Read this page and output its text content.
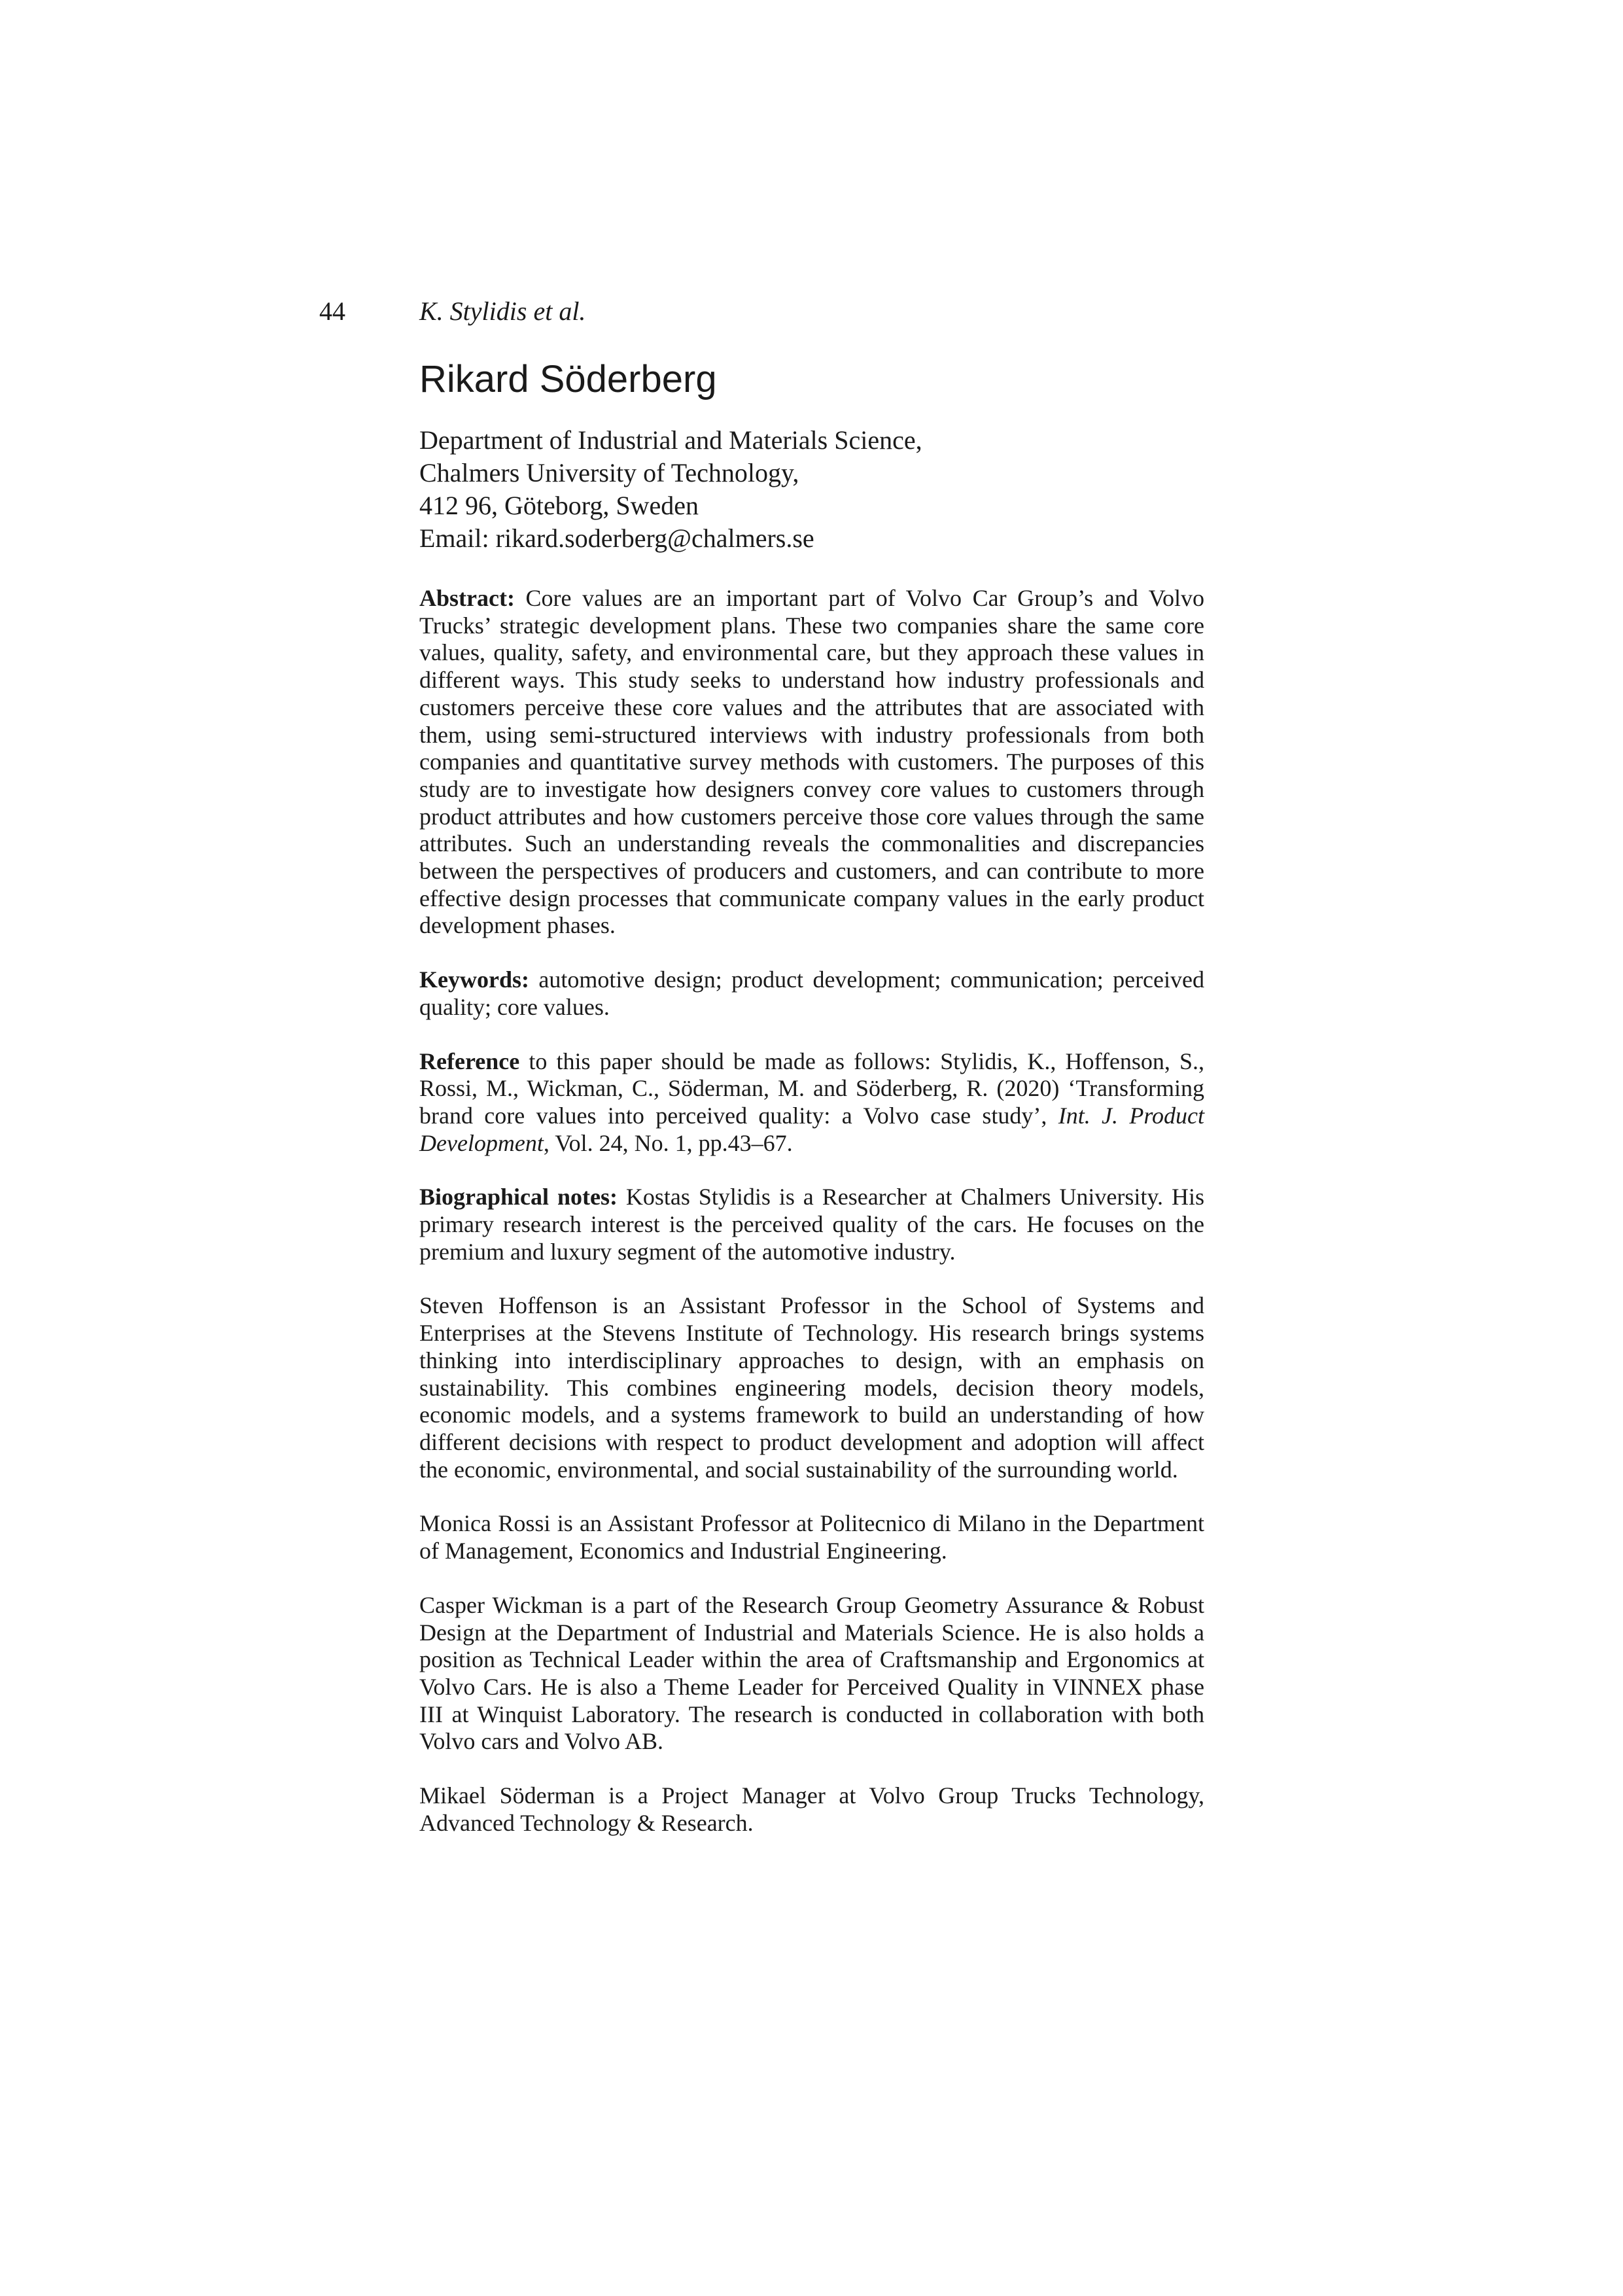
44	K. Stylidis et al.
Rikard Söderberg
Department of Industrial and Materials Science,
Chalmers University of Technology,
412 96, Göteborg, Sweden
Email: rikard.soderberg@chalmers.se

Abstract: Core values are an important part of Volvo Car Group’s and Volvo Trucks’ strategic development plans. These two companies share the same core values, quality, safety, and environmental care, but they approach these values in different ways. This study seeks to understand how industry professionals and customers perceive these core values and the attributes that are associated with them, using semi-structured interviews with industry professionals from both companies and quantitative survey methods with customers. The purposes of this study are to investigate how designers convey core values to customers through product attributes and how customers perceive those core values through the same attributes. Such an understanding reveals the commonalities and discrepancies between the perspectives of producers and customers, and can contribute to more effective design processes that communicate company values in the early product development phases.

Keywords: automotive design; product development; communication; perceived quality; core values.

Reference to this paper should be made as follows: Stylidis, K., Hoffenson, S., Rossi, M., Wickman, C., Söderman, M. and Söderberg, R. (2020) ‘Transforming brand core values into perceived quality: a Volvo case study’, Int. J. Product Development, Vol. 24, No. 1, pp.43–67.

Biographical notes: Kostas Stylidis is a Researcher at Chalmers University. His primary research interest is the perceived quality of the cars. He focuses on the premium and luxury segment of the automotive industry.

Steven Hoffenson is an Assistant Professor in the School of Systems and Enterprises at the Stevens Institute of Technology. His research brings systems thinking into interdisciplinary approaches to design, with an emphasis on sustainability. This combines engineering models, decision theory models, economic models, and a systems framework to build an understanding of how different decisions with respect to product development and adoption will affect the economic, environmental, and social sustainability of the surrounding world.

Monica Rossi is an Assistant Professor at Politecnico di Milano in the Department of Management, Economics and Industrial Engineering.

Casper Wickman is a part of the Research Group Geometry Assurance & Robust Design at the Department of Industrial and Materials Science. He is also holds a position as Technical Leader within the area of Craftsmanship and Ergonomics at Volvo Cars. He is also a Theme Leader for Perceived Quality in VINNEX phase III at Winquist Laboratory. The research is conducted in collaboration with both Volvo cars and Volvo AB.

Mikael Söderman is a Project Manager at Volvo Group Trucks Technology, Advanced Technology & Research.
